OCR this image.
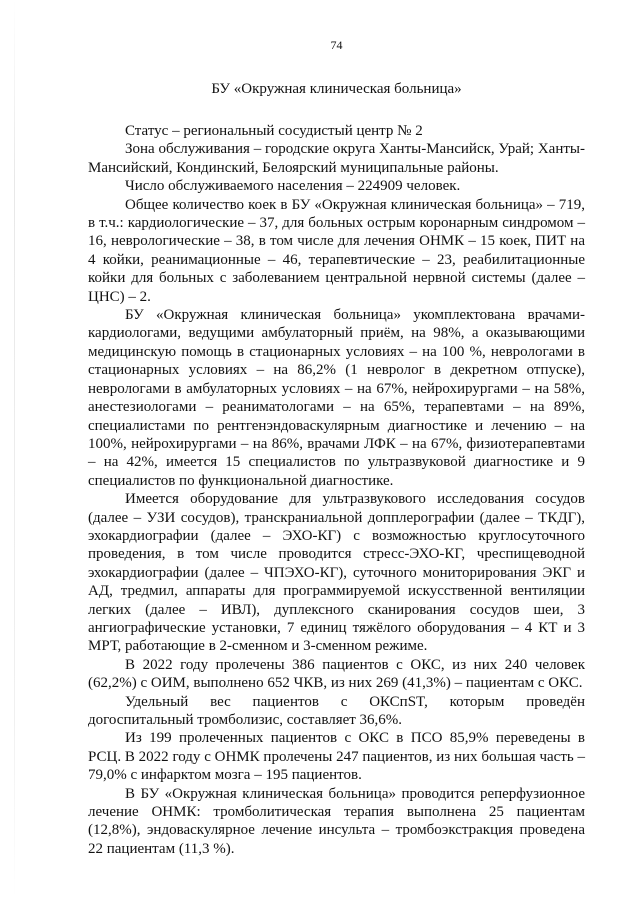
74
БУ «Окружная клиническая больница»

Статус – региональный сосудистый центр № 2

Зона обслуживания – городские округа Ханты-Мансийск, Урай; Ханты-Мансийский, Кондинский, Белоярский муниципальные районы.

Число обслуживаемого населения – 224909 человек.

Общее количество коек в БУ «Окружная клиническая больница» – 719, в т.ч.: кардиологические – 37, для больных острым коронарным синдромом – 16, неврологические – 38, в том числе для лечения ОНМК – 15 коек, ПИТ на 4 койки, реанимационные – 46, терапевтические – 23, реабилитационные койки для больных с заболеванием центральной нервной системы (далее – ЦНС) – 2.

БУ «Окружная клиническая больница» укомплектована врачами-кардиологами, ведущими амбулаторный приём, на 98%, а оказывающими медицинскую помощь в стационарных условиях – на 100 %, неврологами в стационарных условиях – на 86,2% (1 невролог в декретном отпуске), неврологами в амбулаторных условиях – на 67%, нейрохирургами – на 58%, анестезиологами – реаниматологами – на 65%, терапевтами – на 89%, специалистами по рентгенэндоваскулярным диагностике и лечению – на 100%, нейрохирургами – на 86%, врачами ЛФК – на 67%, физиотерапевтами – на 42%, имеется 15 специалистов по ультразвуковой диагностике и 9 специалистов по функциональной диагностике.

Имеется оборудование для ультразвукового исследования сосудов (далее – УЗИ сосудов), транскраниальной допплерографии (далее – ТКДГ), эхокардиографии (далее – ЭХО-КГ) с возможностью круглосуточного проведения, в том числе проводится стресс-ЭХО-КГ, чреспищеводной эхокардиографии (далее – ЧПЭХО-КГ), суточного мониторирования ЭКГ и АД, тредмил, аппараты для программируемой искусственной вентиляции легких (далее – ИВЛ), дуплексного сканирования сосудов шеи, 3 ангиографические установки, 7 единиц тяжёлого оборудования – 4 КТ и 3 МРТ, работающие в 2-сменном и 3-сменном режиме.

В 2022 году пролечены 386 пациентов с ОКС, из них 240 человек (62,2%) с ОИМ, выполнено 652 ЧКВ, из них 269 (41,3%) – пациентам с ОКС.

Удельный вес пациентов с ОКСпST, которым проведён догоспитальный тромболизис, составляет 36,6%.

Из 199 пролеченных пациентов с ОКС в ПСО 85,9% переведены в РСЦ. В 2022 году с ОНМК пролечены 247 пациентов, из них большая часть – 79,0% с инфарктом мозга – 195 пациентов.

В БУ «Окружная клиническая больница» проводится реперфузионное лечение ОНМК: тромболитическая терапия выполнена 25 пациентам (12,8%), эндоваскулярное лечение инсульта – тромбоэкстракция проведена 22 пациентам (11,3 %).
